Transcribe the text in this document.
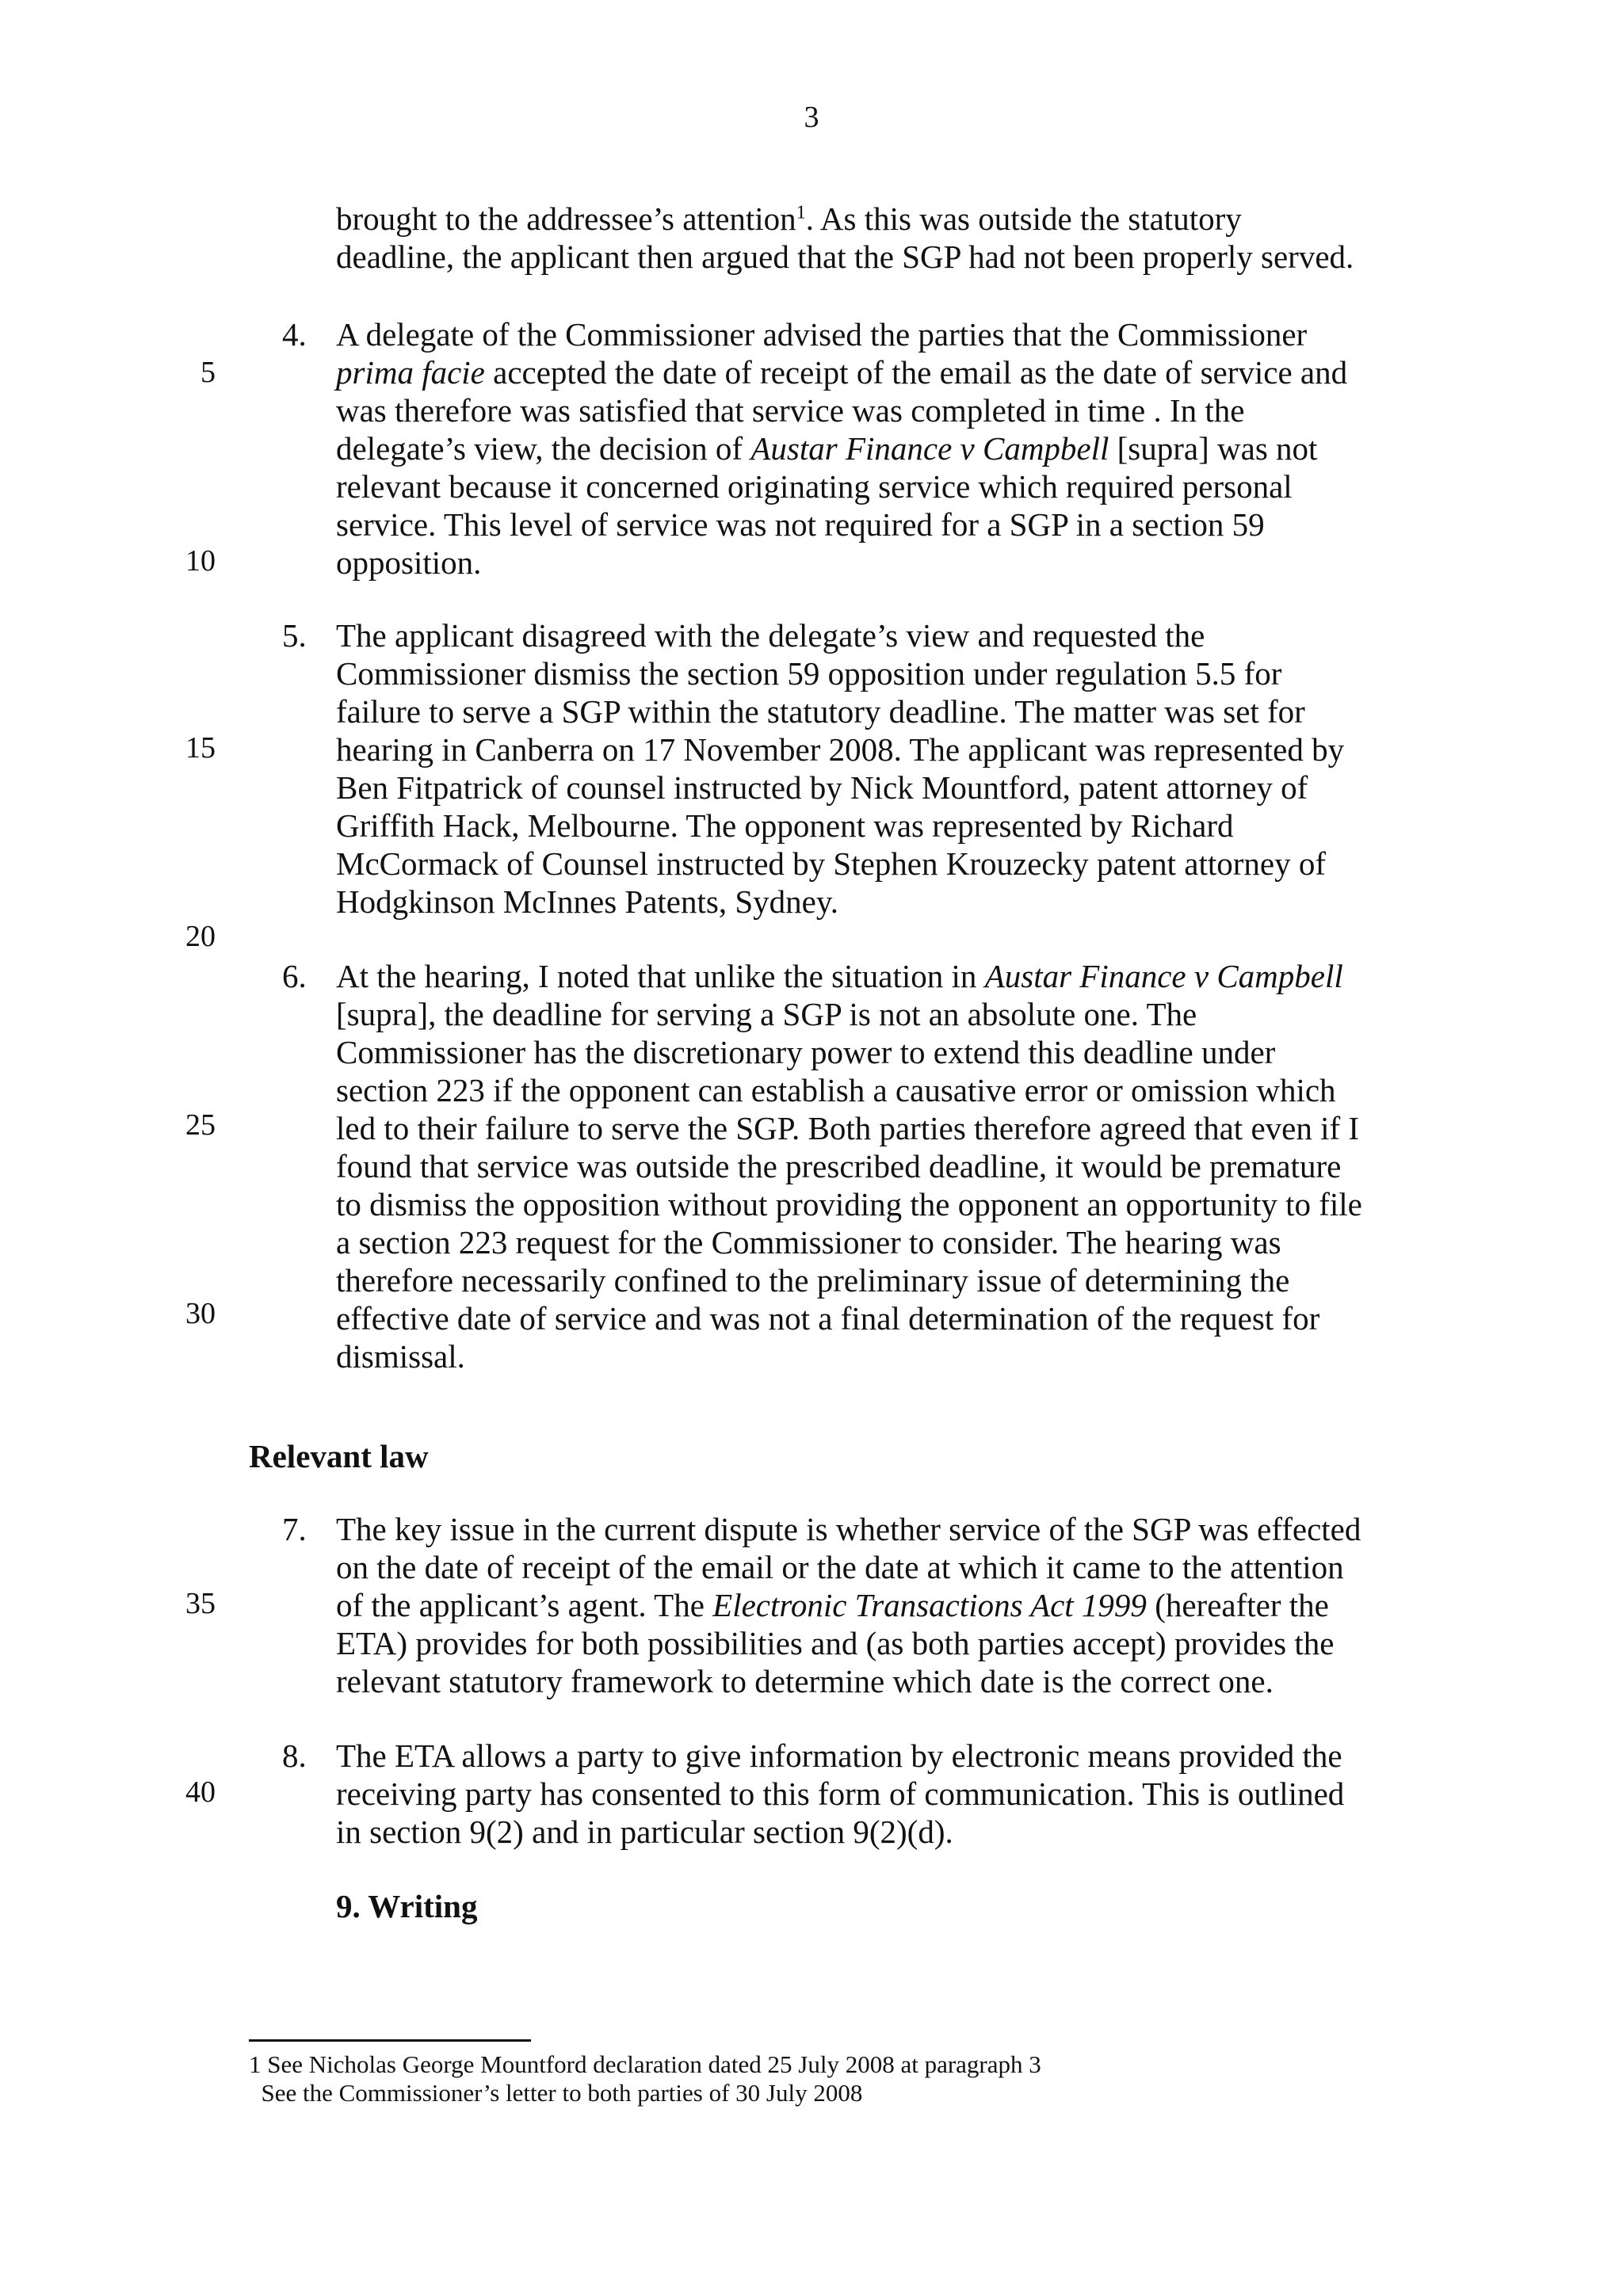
3
5
10
15
20
25
30
35
40
brought to the addressee’s attention$^1$. As this was outside the statutory
deadline, the applicant then argued that the SGP had not been properly served.
4. A delegate of the Commissioner advised the parties that the Commissioner
prima facie accepted the date of receipt of the email as the date of service and
was therefore was satisfied that service was completed in time . In the
delegate’s view, the decision of Austar Finance v Campbell [supra] was not
relevant because it concerned originating service which required personal
service. This level of service was not required for a SGP in a section 59
opposition.
5. The applicant disagreed with the delegate’s view and requested the
Commissioner dismiss the section 59 opposition under regulation 5.5 for
failure to serve a SGP within the statutory deadline. The matter was set for
hearing in Canberra on 17 November 2008. The applicant was represented by
Ben Fitpatrick of counsel instructed by Nick Mountford, patent attorney of
Griffith Hack, Melbourne. The opponent was represented by Richard
McCormack of Counsel instructed by Stephen Krouzecky patent attorney of
Hodgkinson McInnes Patents, Sydney.
6. At the hearing, I noted that unlike the situation in Austar Finance v Campbell
[supra], the deadline for serving a SGP is not an absolute one. The
Commissioner has the discretionary power to extend this deadline under
section 223 if the opponent can establish a causative error or omission which
led to their failure to serve the SGP. Both parties therefore agreed that even if I
found that service was outside the prescribed deadline, it would be premature
to dismiss the opposition without providing the opponent an opportunity to file
a section 223 request for the Commissioner to consider. The hearing was
therefore necessarily confined to the preliminary issue of determining the
effective date of service and was not a final determination of the request for
dismissal.
Relevant law
7. The key issue in the current dispute is whether service of the SGP was effected
on the date of receipt of the email or the date at which it came to the attention
of the applicant’s agent. The Electronic Transactions Act 1999 (hereafter the
ETA) provides for both possibilities and (as both parties accept) provides the
relevant statutory framework to determine which date is the correct one.
8. The ETA allows a party to give information by electronic means provided the
receiving party has consented to this form of communication. This is outlined
in section 9(2) and in particular section 9(2)(d).
9. Writing
1 See Nicholas George Mountford declaration dated 25 July 2008 at paragraph 3
See the Commissioner’s letter to both parties of 30 July 2008
